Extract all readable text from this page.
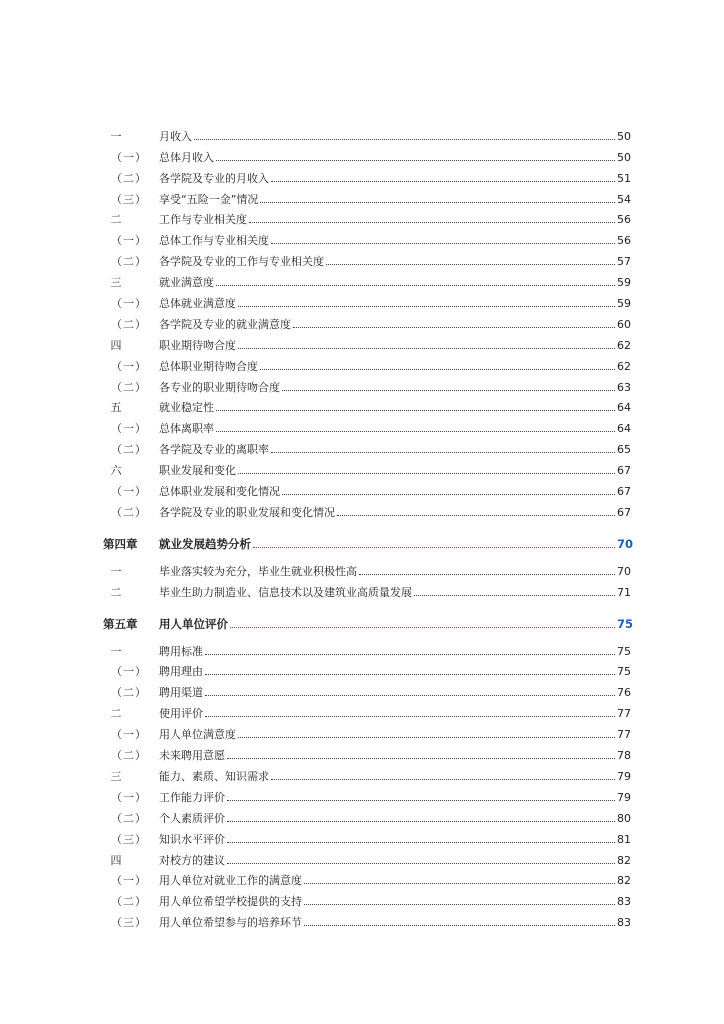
一	月收入	50
（一）	总体月收入	50
（二）	各学院及专业的月收入	51
（三）	享受“五险一金”情况	54
二	工作与专业相关度	56
（一）	总体工作与专业相关度	56
（二）	各学院及专业的工作与专业相关度	57
三	就业满意度	59
（一）	总体就业满意度	59
（二）	各学院及专业的就业满意度	60
四	职业期待吻合度	62
（一）	总体职业期待吻合度	62
（二）	各专业的职业期待吻合度	63
五	就业稳定性	64
（一）	总体离职率	64
（二）	各学院及专业的离职率	65
六	职业发展和变化	67
（一）	总体职业发展和变化情况	67
（二）	各学院及专业的职业发展和变化情况	67
第四章	就业发展趋势分析	70
一	毕业落实较为充分，毕业生就业积极性高	70
二	毕业生助力制造业、信息技术以及建筑业高质量发展	71
第五章	用人单位评价	75
一	聘用标准	75
（一）	聘用理由	75
（二）	聘用渠道	76
二	使用评价	77
（一）	用人单位满意度	77
（二）	未来聘用意愿	78
三	能力、素质、知识需求	79
（一）	工作能力评价	79
（二）	个人素质评价	80
（三）	知识水平评价	81
四	对校方的建议	82
（一）	用人单位对就业工作的满意度	82
（二）	用人单位希望学校提供的支持	83
（三）	用人单位希望参与的培养环节	83
